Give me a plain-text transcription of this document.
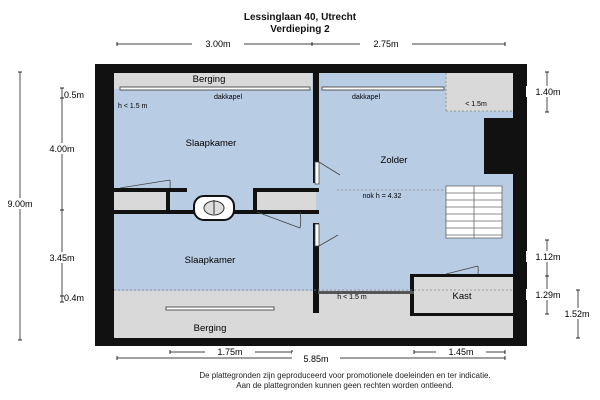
Lessinglaan 40, Utrecht
Verdieping 2
3.00m	2.75m
1.75m
5.85m
1.45m
9.00m
0.5m
4.00m
3.45m
0.4m
1.40m
1.12m
1.29m
1.52m
Berging
Slaapkamer
Zolder
Slaapkamer
Kast
Berging
dakkapel	dakkapel
h < 1.5 m	< 1.5m
nok h = 4.32
h < 1.5 m
De plattegronden zijn geproduceerd voor promotionele doeleinden en ter indicatie.
Aan de plattegronden kunnen geen rechten worden ontleend.
